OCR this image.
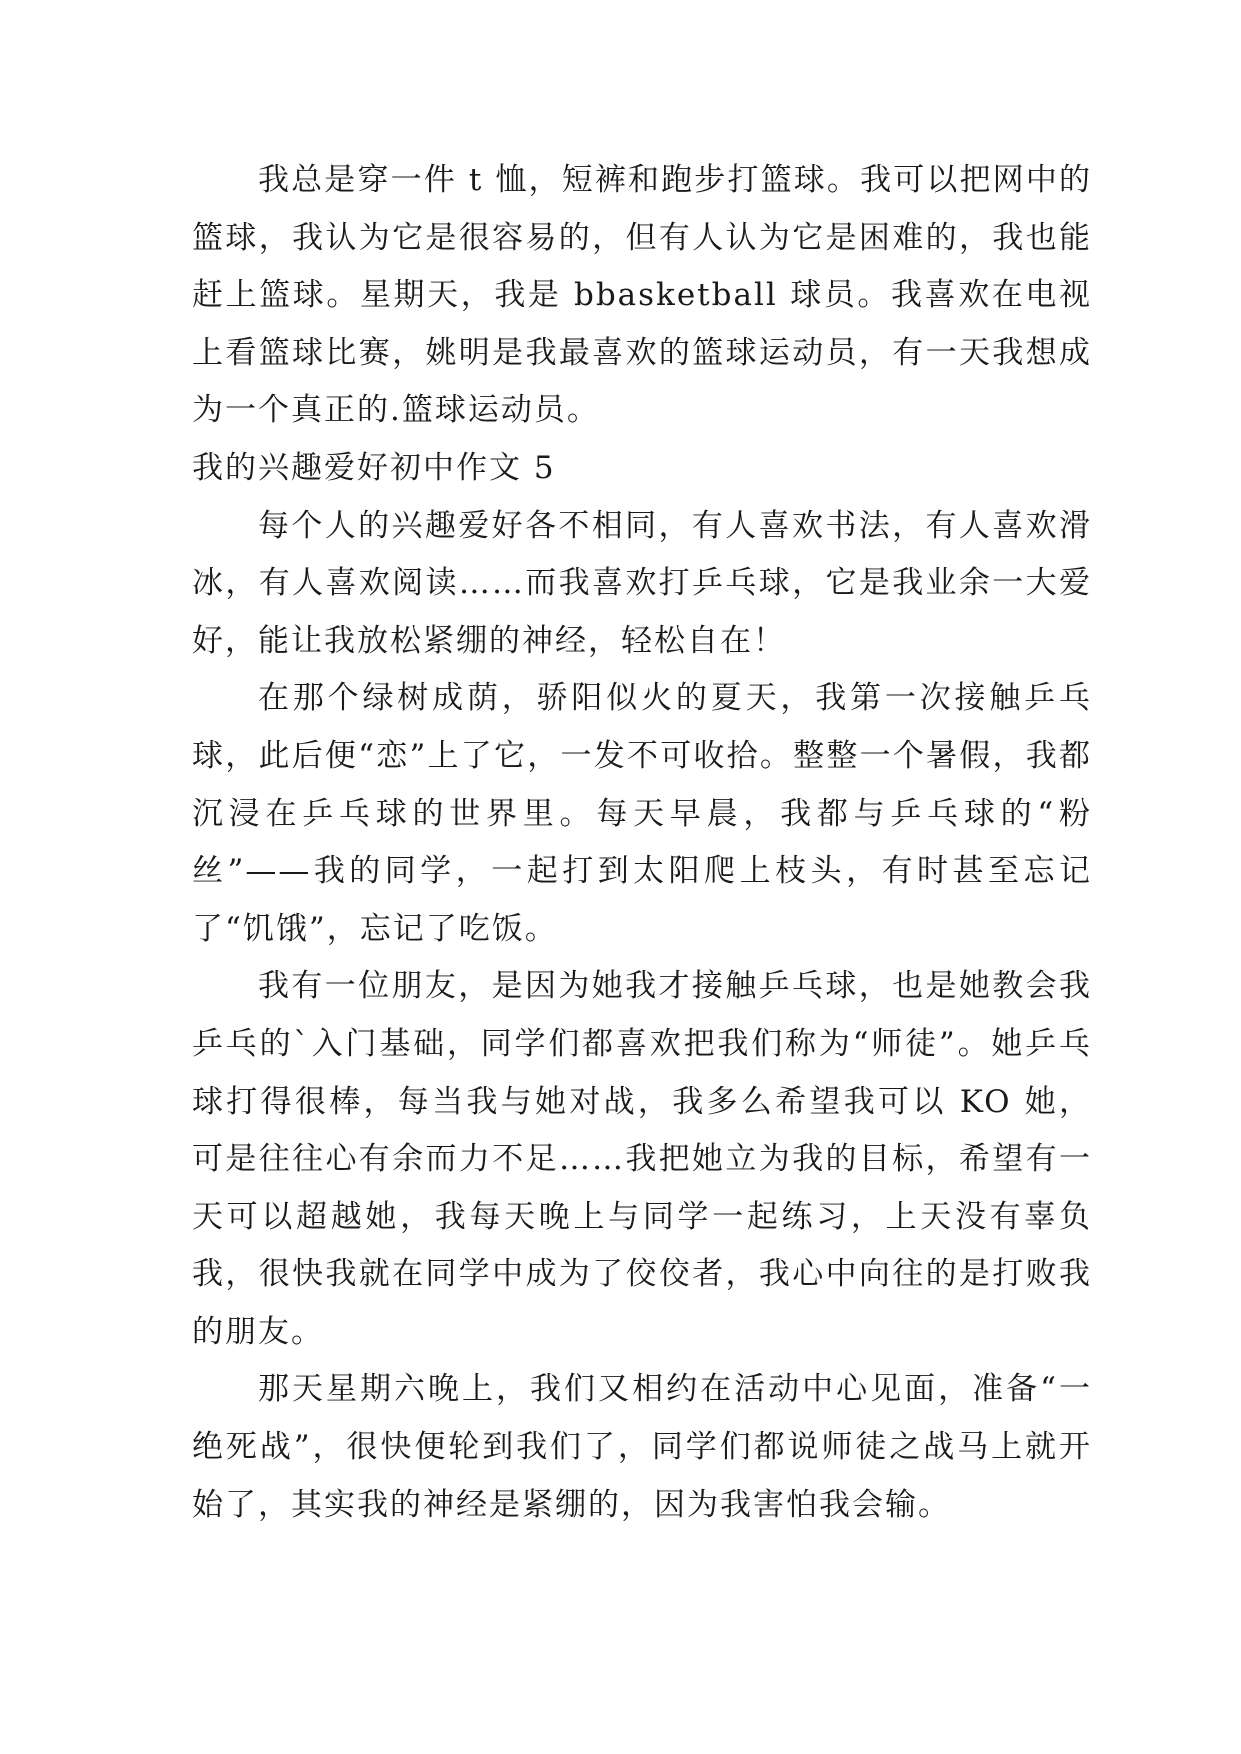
我总是穿一件 t 恤，短裤和跑步打篮球。我可以把网中的篮球，我认为它是很容易的，但有人认为它是困难的，我也能赶上篮球。星期天，我是 bbasketball 球员。我喜欢在电视上看篮球比赛，姚明是我最喜欢的篮球运动员，有一天我想成为一个真正的.篮球运动员。

我的兴趣爱好初中作文 5

每个人的兴趣爱好各不相同，有人喜欢书法，有人喜欢滑冰，有人喜欢阅读……而我喜欢打乒乓球，它是我业余一大爱好，能让我放松紧绷的神经，轻松自在！

在那个绿树成荫，骄阳似火的夏天，我第一次接触乒乓球，此后便“恋”上了它，一发不可收拾。整整一个暑假，我都沉浸在乒乓球的世界里。每天早晨，我都与乒乓球的“粉丝”——我的同学，一起打到太阳爬上枝头，有时甚至忘记了“饥饿”，忘记了吃饭。

我有一位朋友，是因为她我才接触乒乓球，也是她教会我乒乓的`入门基础，同学们都喜欢把我们称为“师徒”。她乒乓球打得很棒，每当我与她对战，我多么希望我可以 KO 她，可是往往心有余而力不足……我把她立为我的目标，希望有一天可以超越她，我每天晚上与同学一起练习，上天没有辜负我，很快我就在同学中成为了佼佼者，我心中向往的是打败我的朋友。

那天星期六晚上，我们又相约在活动中心见面，准备“一绝死战”，很快便轮到我们了，同学们都说师徒之战马上就开始了，其实我的神经是紧绷的，因为我害怕我会输。
